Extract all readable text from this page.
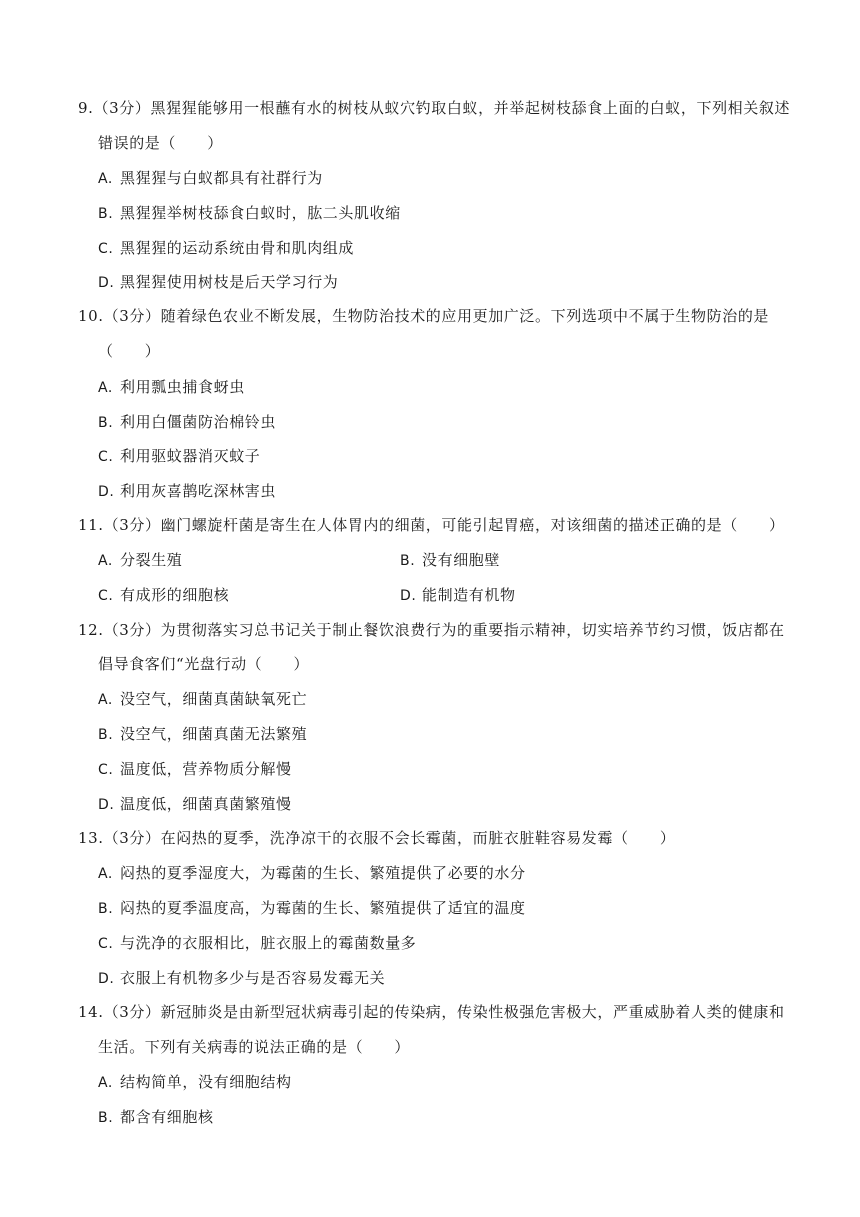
9.（3分）黑猩猩能够用一根蘸有水的树枝从蚁穴钓取白蚁，并举起树枝舔食上面的白蚁，下列相关叙述
错误的是（　　）
A. 黑猩猩与白蚁都具有社群行为
B. 黑猩猩举树枝舔食白蚁时，肱二头肌收缩
C. 黑猩猩的运动系统由骨和肌肉组成
D. 黑猩猩使用树枝是后天学习行为
10.（3分）随着绿色农业不断发展，生物防治技术的应用更加广泛。下列选项中不属于生物防治的是
（　　）
A. 利用瓢虫捕食蚜虫
B. 利用白僵菌防治棉铃虫
C. 利用驱蚊器消灭蚊子
D. 利用灰喜鹊吃深林害虫
11.（3分）幽门螺旋杆菌是寄生在人体胃内的细菌，可能引起胃癌，对该细菌的描述正确的是（　　）
A. 分裂生殖	B. 没有细胞壁
C. 有成形的细胞核	D. 能制造有机物
12.（3分）为贯彻落实习总书记关于制止餐饮浪费行为的重要指示精神，切实培养节约习惯，饭店都在
倡导食客们“光盘行动（　　）
A. 没空气，细菌真菌缺氧死亡
B. 没空气，细菌真菌无法繁殖
C. 温度低，营养物质分解慢
D. 温度低，细菌真菌繁殖慢
13.（3分）在闷热的夏季，洗净凉干的衣服不会长霉菌，而脏衣脏鞋容易发霉（　　）
A. 闷热的夏季湿度大，为霉菌的生长、繁殖提供了必要的水分
B. 闷热的夏季温度高，为霉菌的生长、繁殖提供了适宜的温度
C. 与洗净的衣服相比，脏衣服上的霉菌数量多
D. 衣服上有机物多少与是否容易发霉无关
14.（3分）新冠肺炎是由新型冠状病毒引起的传染病，传染性极强危害极大，严重威胁着人类的健康和
生活。下列有关病毒的说法正确的是（　　）
A. 结构简单，没有细胞结构
B. 都含有细胞核
